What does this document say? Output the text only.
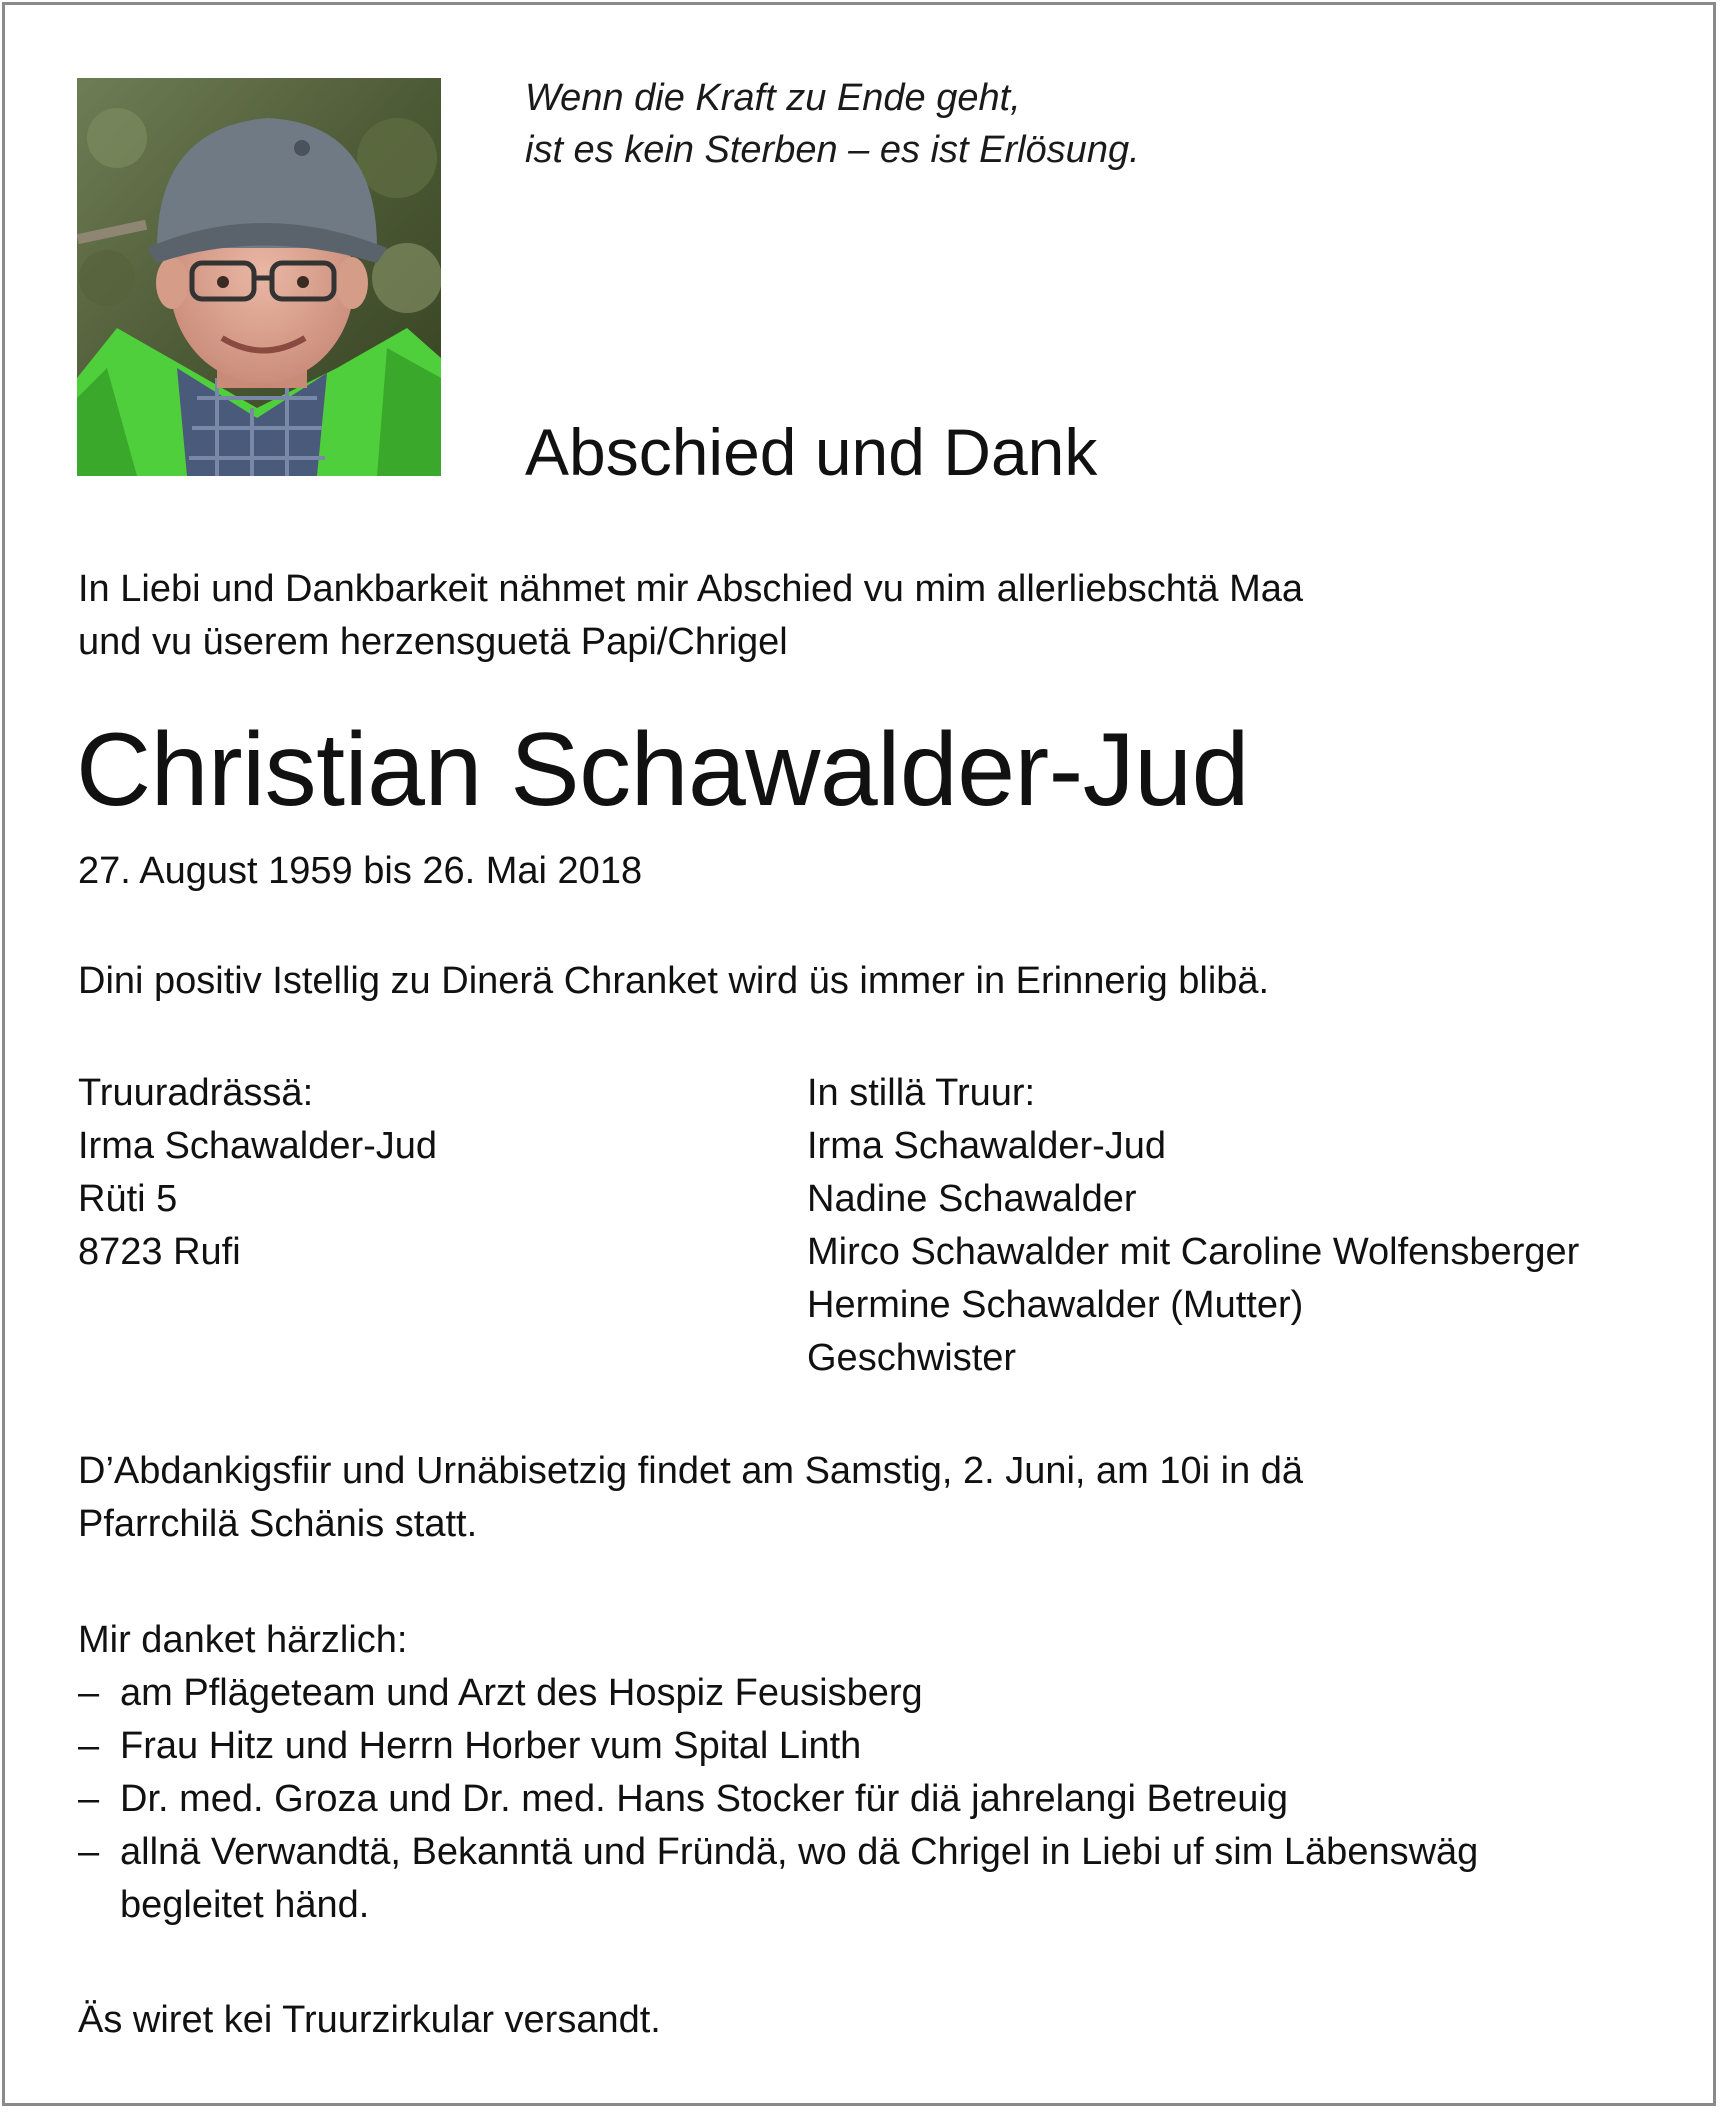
Wenn die Kraft zu Ende geht,
ist es kein Sterben – es ist Erlösung.
Abschied und Dank
In Liebi und Dankbarkeit nähmet mir Abschied vu mim allerliebschtä Maa
und vu üserem herzensguetä Papi/Chrigel
Christian Schawalder-Jud
27. August 1959 bis 26. Mai 2018
Dini positiv Istellig zu Dinerä Chranket wird üs immer in Erinnerig blibä.
Truuradrässä:
Irma Schawalder-Jud
Rüti 5
8723 Rufi
In stillä Truur:
Irma Schawalder-Jud
Nadine Schawalder
Mirco Schawalder mit Caroline Wolfensberger
Hermine Schawalder (Mutter)
Geschwister
D’Abdankigsfiir und Urnäbisetzig findet am Samstig, 2. Juni, am 10i in dä
Pfarrchilä Schänis statt.
Mir danket härzlich:
– am Pflägeteam und Arzt des Hospiz Feusisberg
– Frau Hitz und Herrn Horber vum Spital Linth
– Dr. med. Groza und Dr. med. Hans Stocker für diä jahrelangi Betreuig
– allnä Verwandtä, Bekanntä und Fründä, wo dä Chrigel in Liebi uf sim Läbenswäg
begleitet händ.
Äs wiret kei Truurzirkular versandt.
